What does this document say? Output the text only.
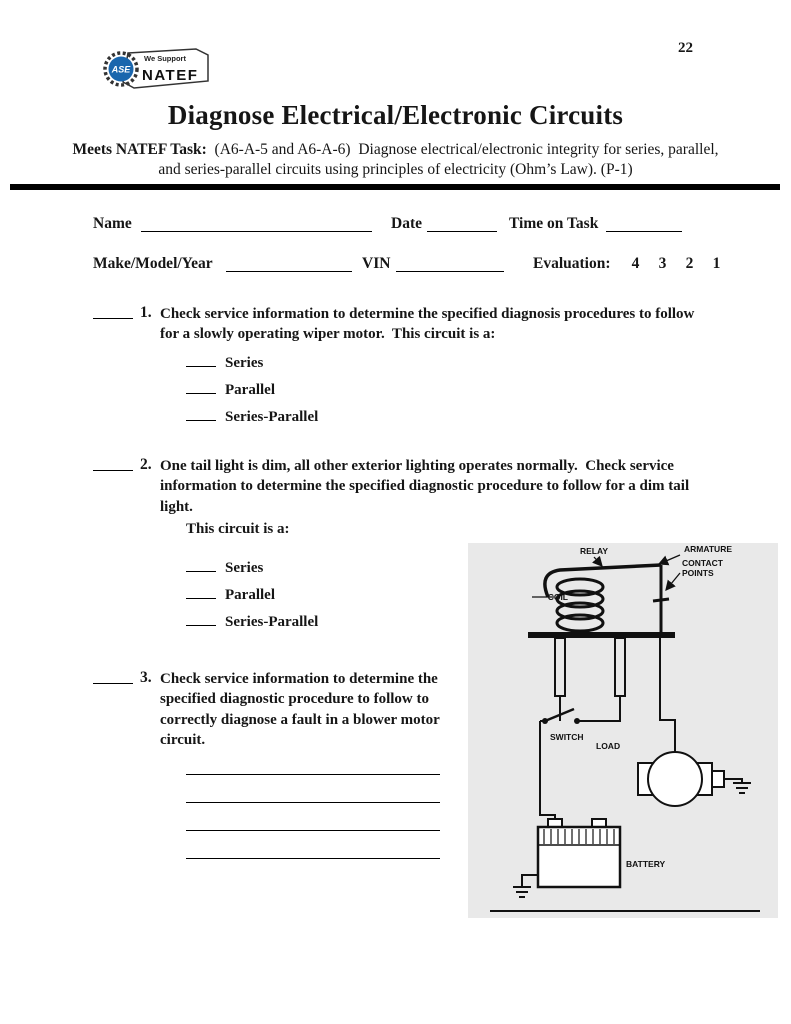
22
ASE
We Support
NATEF
Diagnose Electrical/Electronic Circuits

Meets NATEF Task:  (A6-A-5 and A6-A-6)  Diagnose electrical/electronic integrity for series, parallel, and series-parallel circuits using principles of electricity (Ohm’s Law). (P-1)

Name	Date	Time on Task
Make/Model/Year	VIN	Evaluation:	4 3 2 1
1. Check service information to determine the specified diagnosis procedures to follow for a slowly operating wiper motor.  This circuit is a:
Series
Parallel
Series-Parallel
2. One tail light is dim, all other exterior lighting operates normally.  Check service information to determine the specified diagnostic procedure to follow for a dim tail light.
This circuit is a:
Series
Parallel
Series-Parallel
3. Check service information to determine the specified diagnostic procedure to follow to correctly diagnose a fault in a blower motor circuit.
RELAY	ARMATURE
CONTACT
POINTS
COIL
SWITCH
LOAD
BATTERY
